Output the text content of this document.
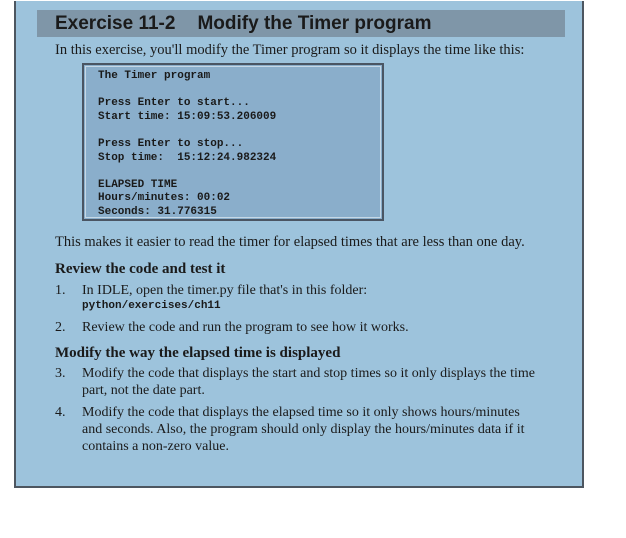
Exercise 11-2 Modify the Timer program
In this exercise, you'll modify the Timer program so it displays the time like this:
The Timer program
Press Enter to start...
Start time: 15:09:53.206009
Press Enter to stop...
Stop time:  15:12:24.982324
ELAPSED TIME
Hours/minutes: 00:02
Seconds: 31.776315
This makes it easier to read the timer for elapsed times that are less than one day.
Review the code and test it
1. In IDLE, open the timer.py file that's in this folder:
python/exercises/ch11
2. Review the code and run the program to see how it works.
Modify the way the elapsed time is displayed
3. Modify the code that displays the start and stop times so it only displays the time part, not the date part.
4. Modify the code that displays the elapsed time so it only shows hours/minutes and seconds. Also, the program should only display the hours/minutes data if it contains a non-zero value.
